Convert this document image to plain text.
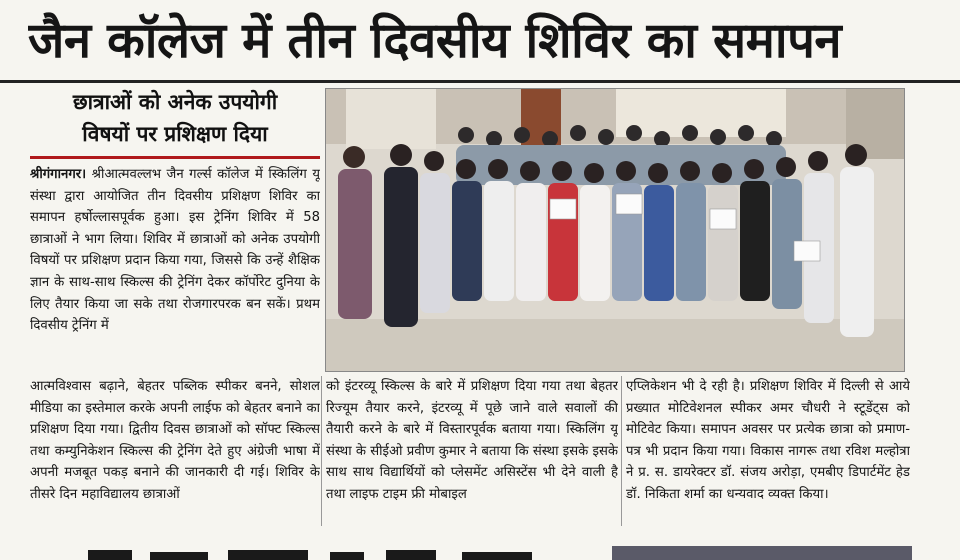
जैन कॉलेज में तीन दिवसीय शिविर का समापन
छात्राओं को अनेक उपयोगी
विषयों पर प्रशिक्षण दिया
श्रीगंगानगर। श्रीआत्मवल्लभ जैन गर्ल्स कॉलेज में स्किलिंग यू संस्था द्वारा आयोजित तीन दिवसीय प्रशिक्षण शिविर का समापन हर्षोल्लासपूर्वक हुआ। इस ट्रेनिंग शिविर में 58 छात्राओं ने भाग लिया। शिविर में छात्राओं को अनेक उपयोगी विषयों पर प्रशिक्षण प्रदान किया गया, जिससे कि उन्हें शैक्षिक ज्ञान के साथ-साथ स्किल्स की ट्रेनिंग देकर कॉर्पोरेट दुनिया के लिए तैयार किया जा सके तथा रोजगारपरक बन सकें। प्रथम दिवसीय ट्रेनिंग में
आत्मविश्वास बढ़ाने, बेहतर पब्लिक स्पीकर बनने, सोशल मीडिया का इस्तेमाल करके अपनी लाईफ को बेहतर बनाने का प्रशिक्षण दिया गया। द्वितीय दिवस छात्राओं को सॉफ्ट स्किल्स तथा कम्युनिकेशन स्किल्स की ट्रेनिंग देते हुए अंग्रेजी भाषा में अपनी मजबूत पकड़ बनाने की जानकारी दी गई। शिविर के तीसरे दिन महाविद्यालय छात्राओं
को इंटरव्यू स्किल्स के बारे में प्रशिक्षण दिया गया तथा बेहतर रिज्यूम तैयार करने, इंटरव्यू में पूछे जाने वाले सवालों की तैयारी करने के बारे में विस्तारपूर्वक बताया गया। स्किलिंग यू संस्था के सीईओ प्रवीण कुमार ने बताया कि संस्था इसके इसके साथ साथ विद्यार्थियों को प्लेसमेंट असिस्टेंस भी देने वाली है तथा लाइफ टाइम फ्री मोबाइल
एप्लिकेशन भी दे रही है। प्रशिक्षण शिविर में दिल्ली से आये प्रख्यात मोटिवेशनल स्पीकर अमर चौधरी ने स्टूडेंट्स को मोटिवेट किया। समापन अवसर पर प्रत्येक छात्रा को प्रमाण-पत्र भी प्रदान किया गया। विकास नागरू तथा रविश मल्होत्रा ने प्र. स. डायरेक्टर डॉ. संजय अरोड़ा, एमबीए डिपार्टमेंट हेड डॉ. निकिता शर्मा का धन्यवाद व्यक्त किया।
